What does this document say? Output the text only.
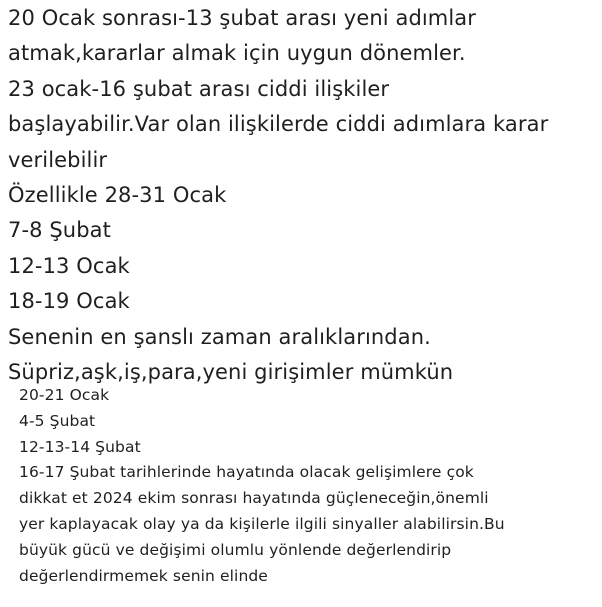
20 Ocak sonrası-13 şubat arası yeni adımlar
atmak,kararlar almak için uygun dönemler.
23 ocak-16 şubat arası ciddi ilişkiler
başlayabilir.Var olan ilişkilerde ciddi adımlara karar
verilebilir
Özellikle 28-31 Ocak
7-8 Şubat
12-13 Ocak
18-19 Ocak
Senenin en şanslı zaman aralıklarından.
Süpriz,aşk,iş,para,yeni girişimler mümkün
20-21 Ocak
4-5 Şubat
12-13-14 Şubat
16-17 Şubat tarihlerinde hayatında olacak gelişimlere çok
dikkat et 2024 ekim sonrası hayatında güçleneceğin,önemli
yer kaplayacak olay ya da kişilerle ilgili sinyaller alabilirsin.Bu
büyük gücü ve değişimi olumlu yönlende değerlendirip
değerlendirmemek senin elinde
